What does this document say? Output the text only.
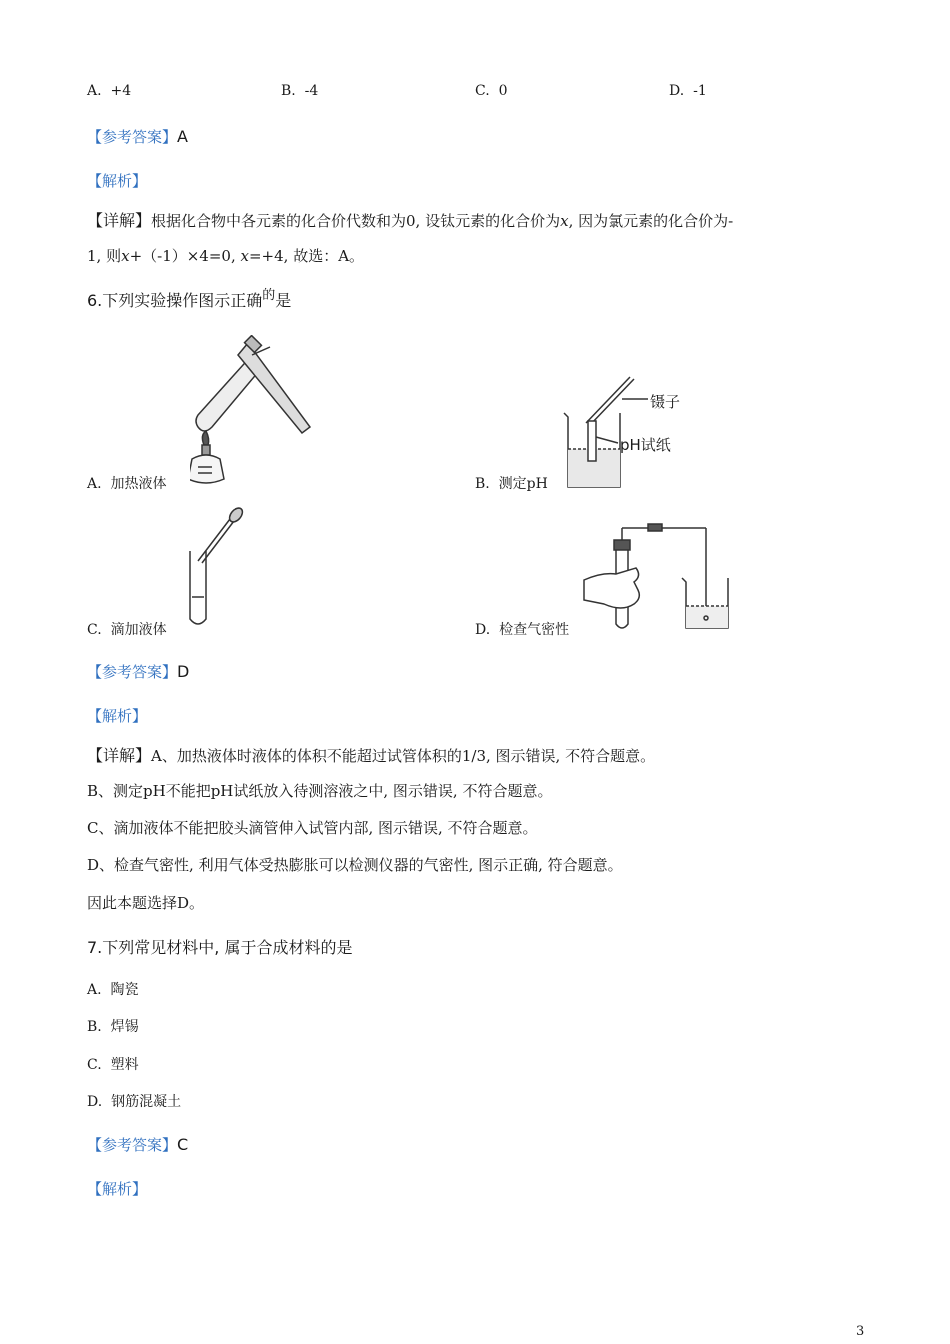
A. +4	B. -4	C. 0	D. -1
【参考答案】A
【解析】
【详解】根据化合物中各元素的化合价代数和为0, 设钛元素的化合价为x, 因为氯元素的化合价为-
1, 则x+（-1）×4=0, x=+4, 故选：A。
6.下列实验操作图示正确$^的$是
A. 加热液体
镊子
pH试纸
B. 测定pH
C. 滴加液体	D. 检查气密性
【参考答案】D
【解析】
【详解】A、加热液体时液体的体积不能超过试管体积的1/3, 图示错误, 不符合题意。
B、测定pH不能把pH试纸放入待测溶液之中, 图示错误, 不符合题意。
C、滴加液体不能把胶头滴管伸入试管内部, 图示错误, 不符合题意。
D、检查气密性, 利用气体受热膨胀可以检测仪器的气密性, 图示正确, 符合题意。
因此本题选择D。
7.下列常见材料中, 属于合成材料的是
A. 陶瓷
B. 焊锡
C. 塑料
D. 钢筋混凝土
【参考答案】C
【解析】
3
